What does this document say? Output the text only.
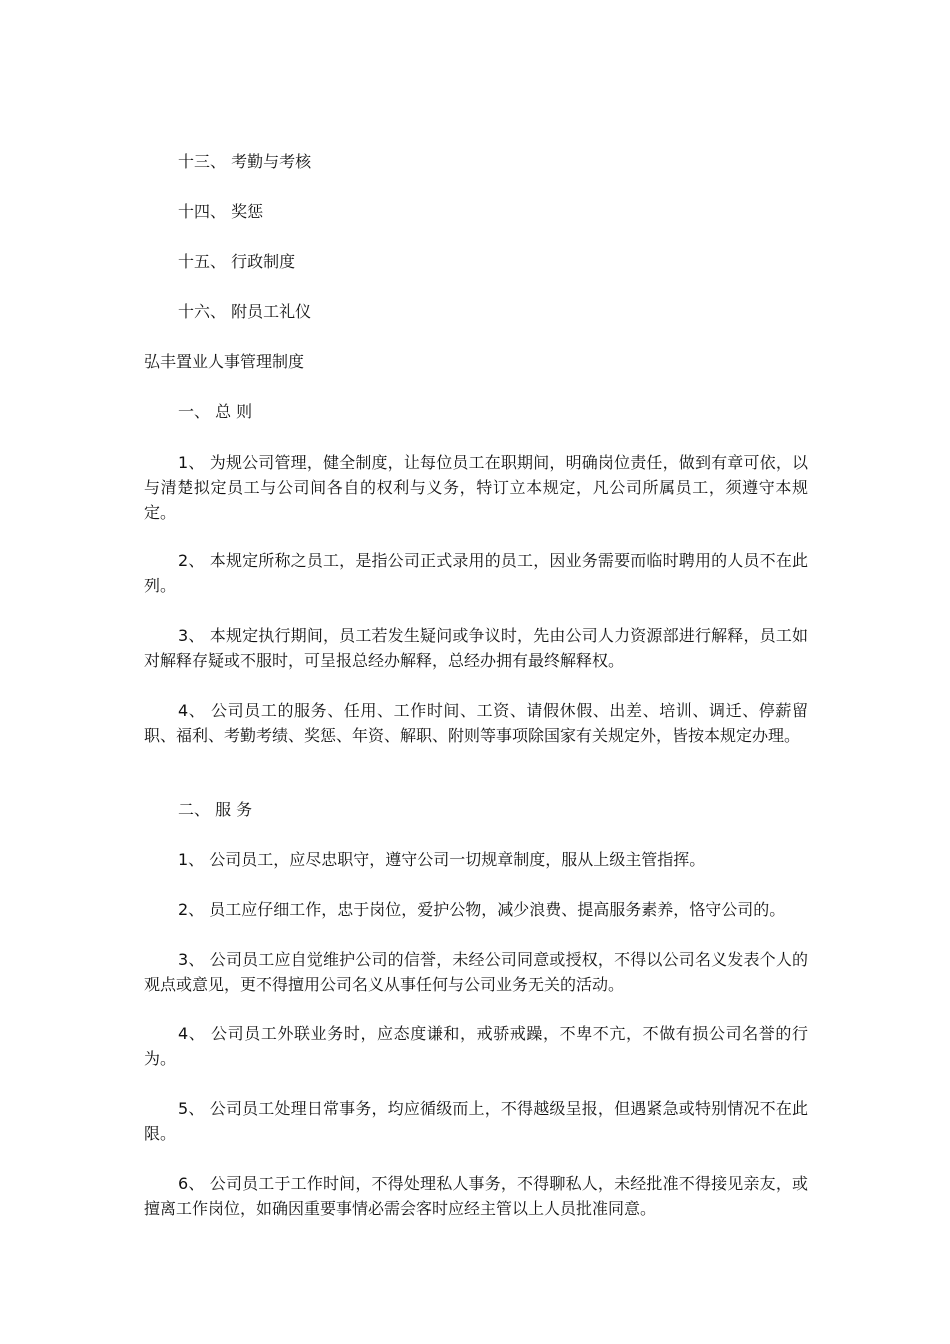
十三、 考勤与考核
十四、 奖惩
十五、 行政制度
十六、 附员工礼仪
弘丰置业人事管理制度
一、 总 则
1、 为规公司管理，健全制度，让每位员工在职期间，明确岗位责任，做到有章可依，以与清楚拟定员工与公司间各自的权利与义务，特订立本规定，凡公司所属员工，须遵守本规定。
2、 本规定所称之员工，是指公司正式录用的员工，因业务需要而临时聘用的人员不在此列。
3、 本规定执行期间，员工若发生疑问或争议时，先由公司人力资源部进行解释，员工如对解释存疑或不服时，可呈报总经办解释，总经办拥有最终解释权。
4、 公司员工的服务、任用、工作时间、工资、请假休假、出差、培训、调迁、停薪留职、福利、考勤考绩、奖惩、年资、解职、附则等事项除国家有关规定外，皆按本规定办理。
二、 服 务
1、 公司员工，应尽忠职守，遵守公司一切规章制度，服从上级主管指挥。
2、 员工应仔细工作，忠于岗位，爱护公物，减少浪费、提高服务素养，恪守公司的。
3、 公司员工应自觉维护公司的信誉，未经公司同意或授权，不得以公司名义发表个人的观点或意见，更不得擅用公司名义从事任何与公司业务无关的活动。
4、 公司员工外联业务时，应态度谦和，戒骄戒躁，不卑不亢，不做有损公司名誉的行为。
5、 公司员工处理日常事务，均应循级而上，不得越级呈报，但遇紧急或特别情况不在此限。
6、 公司员工于工作时间，不得处理私人事务，不得聊私人，未经批准不得接见亲友，或擅离工作岗位，如确因重要事情必需会客时应经主管以上人员批准同意。
